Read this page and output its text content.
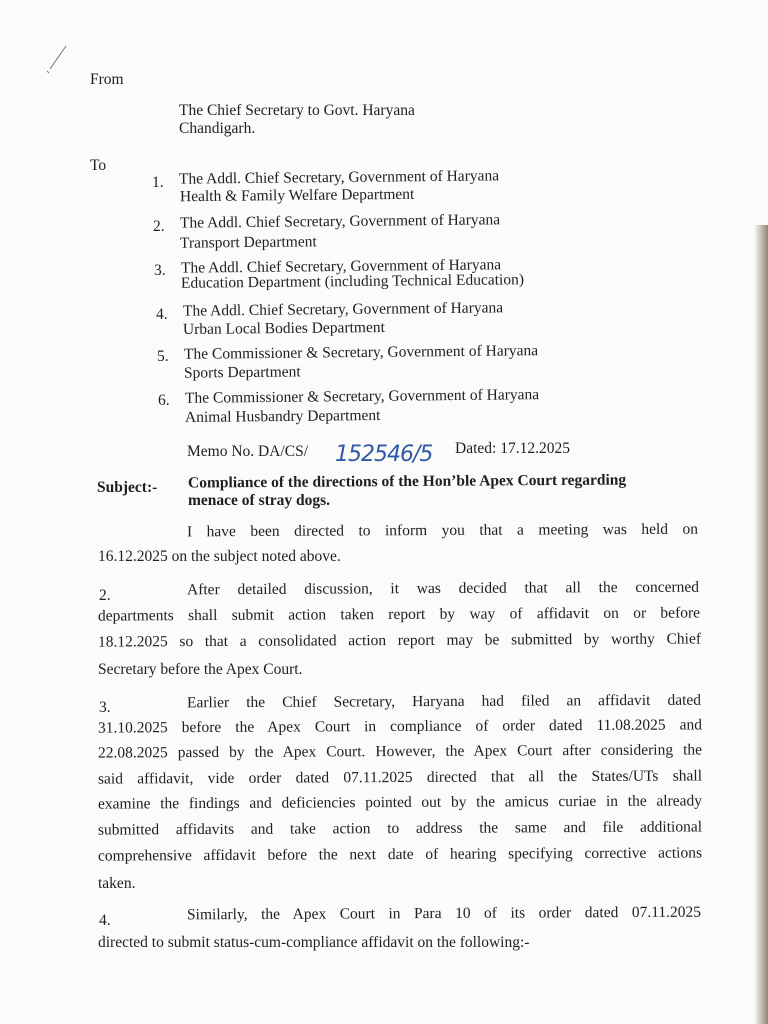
From
The Chief Secretary to Govt. Haryana
Chandigarh.
To
1. The Addl. Chief Secretary, Government of Haryana
Health & Family Welfare Department
2. The Addl. Chief Secretary, Government of Haryana
Transport Department
3. The Addl. Chief Secretary, Government of Haryana
Education Department (including Technical Education)
4. The Addl. Chief Secretary, Government of Haryana
Urban Local Bodies Department
5. The Commissioner & Secretary, Government of Haryana
Sports Department
6. The Commissioner & Secretary, Government of Haryana
Animal Husbandry Department
Memo No. DA/CS/ 152546/5 Dated: 17.12.2025
Subject:- Compliance of the directions of the Hon’ble Apex Court regarding
menace of stray dogs.
I have been directed to inform you that a meeting was held on
16.12.2025 on the subject noted above.
2.	After detailed discussion, it was decided that all the concerned
departments shall submit action taken report by way of affidavit on or before
18.12.2025 so that a consolidated action report may be submitted by worthy Chief
Secretary before the Apex Court.
3.	Earlier the Chief Secretary, Haryana had filed an affidavit dated
31.10.2025 before the Apex Court in compliance of order dated 11.08.2025 and
22.08.2025 passed by the Apex Court. However, the Apex Court after considering the
said affidavit, vide order dated 07.11.2025 directed that all the States/UTs shall
examine the findings and deficiencies pointed out by the amicus curiae in the already
submitted affidavits and take action to address the same and file additional
comprehensive affidavit before the next date of hearing specifying corrective actions
taken.
4.	Similarly, the Apex Court in Para 10 of its order dated 07.11.2025
directed to submit status-cum-compliance affidavit on the following:-
